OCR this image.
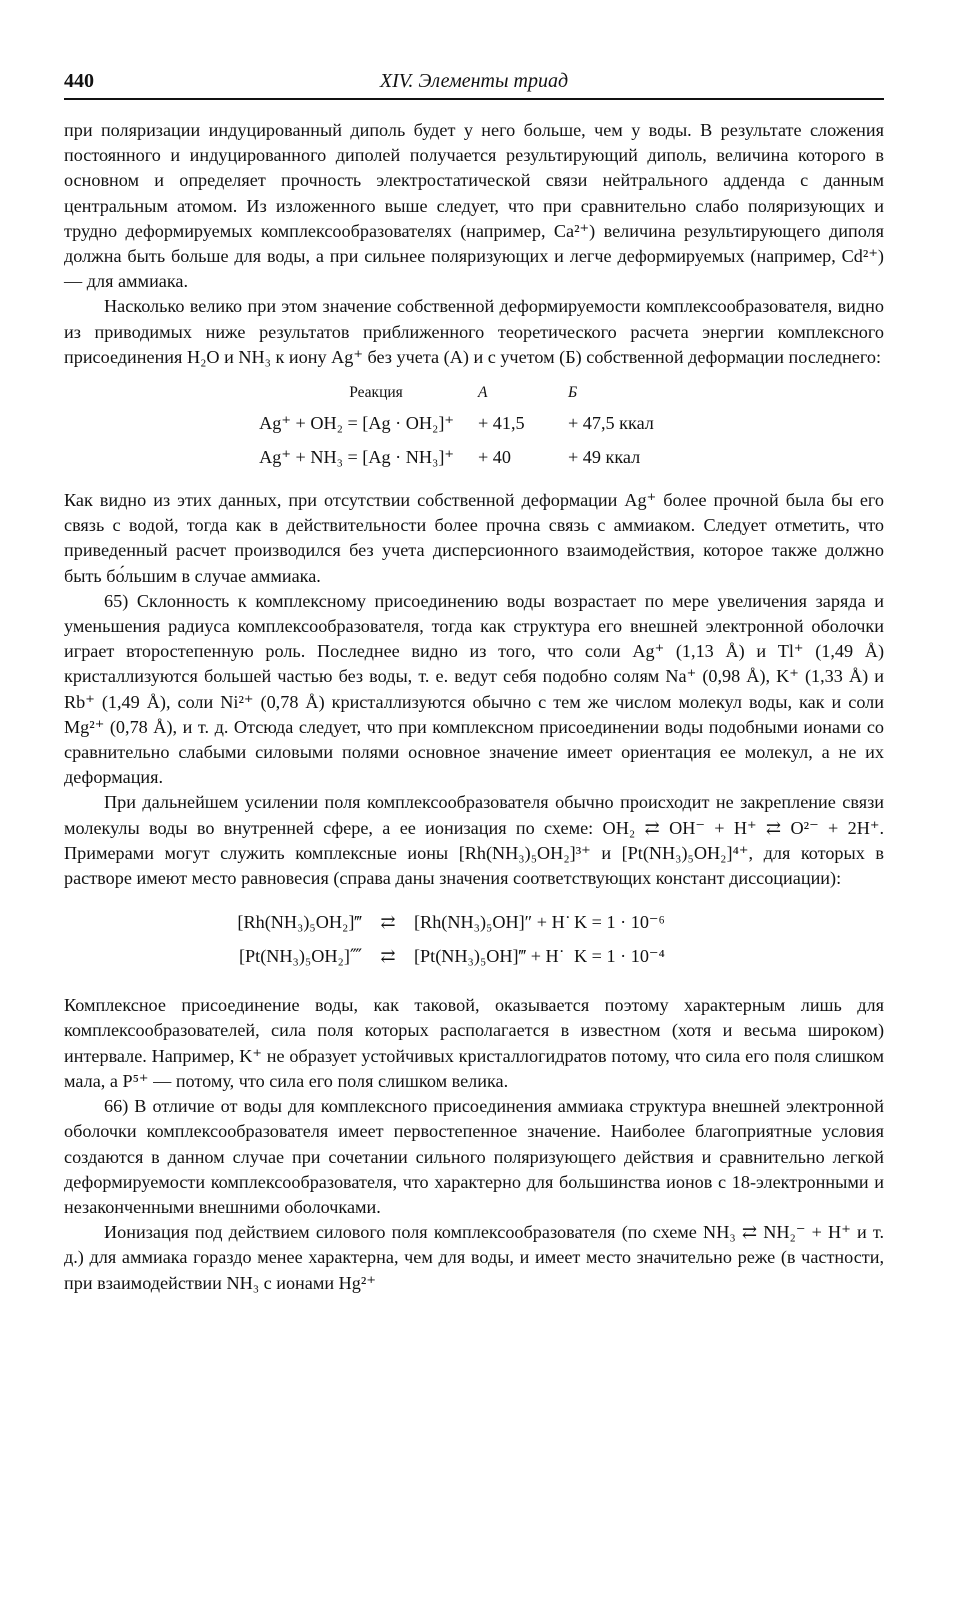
440	XIV. Элементы триад

при поляризации индуцированный диполь будет у него больше, чем у воды. В результате сложения постоянного и индуцированного диполей получается результирующий диполь, величина которого в основном и определяет прочность электростатической связи нейтрального аддендa с данным центральным атомом. Из изложенного выше следует, что при сравнительно слабо поляризующих и трудно деформируемых комплексообразователях (например, Ca²⁺) величина результирующего диполя должна быть больше для воды, а при сильнее поляризующих и легче деформируемых (например, Cd²⁺) — для аммиака.

Насколько велико при этом значение собственной деформируемости комплексообразователя, видно из приводимых ниже результатов приближенного теоретического расчета энергии комплексного присоединения H₂O и NH₃ к иону Ag⁺ без учета (А) и с учетом (Б) собственной деформации последнего:

Реакция	А	Б
Ag⁺ + OH₂ = [Ag · OH₂]⁺	+ 41,5	+ 47,5 ккал
Ag⁺ + NH₃ = [Ag · NH₃]⁺	+ 40	+ 49 ккал

Как видно из этих данных, при отсутствии собственной деформации Ag⁺ более прочной была бы его связь с водой, тогда как в действительности более прочна связь с аммиаком. Следует отметить, что приведенный расчет производился без учета дисперсионного взаимодействия, которое также должно быть бо́льшим в случае аммиака.

65) Склонность к комплексному присоединению воды возрастает по мере увеличения заряда и уменьшения радиуса комплексообразователя, тогда как структура его внешней электронной оболочки играет второстепенную роль. Последнее видно из того, что соли Ag⁺ (1,13 Å) и Tl⁺ (1,49 Å) кристаллизуются большей частью без воды, т. е. ведут себя подобно солям Na⁺ (0,98 Å), K⁺ (1,33 Å) и Rb⁺ (1,49 Å), соли Ni²⁺ (0,78 Å) кристаллизуются обычно с тем же числом молекул воды, как и соли Mg²⁺ (0,78 Å), и т. д. Отсюда следует, что при комплексном присоединении воды подобными ионами со сравнительно слабыми силовыми полями основное значение имеет ориентация ее молекул, а не их деформация.

При дальнейшем усилении поля комплексообразователя обычно происходит не закрепление связи молекулы воды во внутренней сфере, а ее ионизация по схеме: OH₂ ⇄ OH⁻ + H⁺ ⇄ O²⁻ + 2H⁺. Примерами могут служить комплексные ионы [Rh(NH₃)₅OH₂]³⁺ и [Pt(NH₃)₅OH₂]⁴⁺, для которых в растворе имеют место равновесия (справа даны значения соответствующих констант диссоциации):

[Rh(NH₃)₅OH₂]‴	⇄	[Rh(NH₃)₅OH]″ + H˙ K = 1 · 10⁻⁶
[Pt(NH₃)₅OH₂]⁗	⇄	[Pt(NH₃)₅OH]‴ + H˙ K = 1 · 10⁻⁴

Комплексное присоединение воды, как таковой, оказывается поэтому характерным лишь для комплексообразователей, сила поля которых располагается в известном (хотя и весьма широком) интервале. Например, K⁺ не образует устойчивых кристаллогидратов потому, что сила его поля слишком мала, а P⁵⁺ — потому, что сила его поля слишком велика.

66) В отличие от воды для комплексного присоединения аммиака структура внешней электронной оболочки комплексообразователя имеет первостепенное значение. Наиболее благоприятные условия создаются в данном случае при сочетании сильного поляризующего действия и сравнительно легкой деформируемости комплексообразователя, что характерно для большинства ионов с 18-электронными и незаконченными внешними оболочками.

Ионизация под действием силового поля комплексообразователя (по схеме NH₃ ⇄ NH₂⁻ + H⁺ и т. д.) для аммиака гораздо менее характерна, чем для воды, и имеет место значительно реже (в частности, при взаимодействии NH₃ с ионами Hg²⁺
